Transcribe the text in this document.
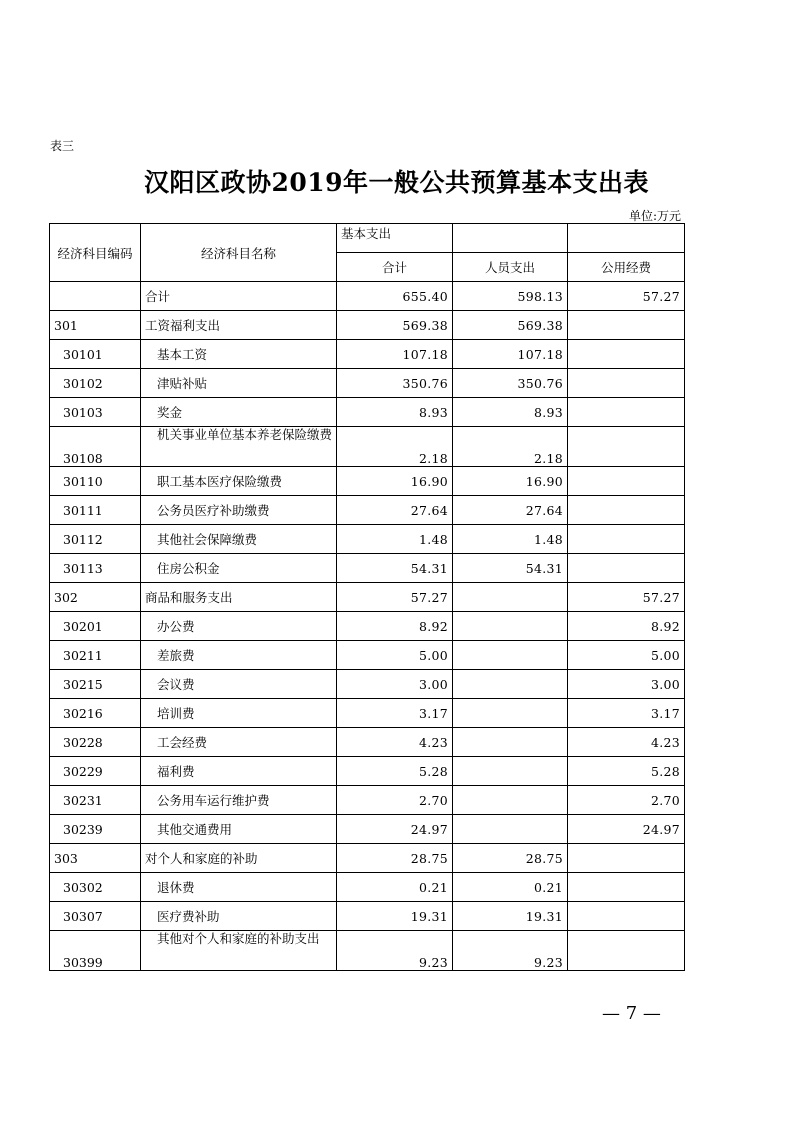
表三
汉阳区政协2019年一般公共预算基本支出表
单位:万元
经济科目编码	经济科目名称	基本支出		
		合计	人员支出	公用经费
	合计	655.40	598.13	57.27
301	工资福利支出	569.38	569.38	
30101	基本工资	107.18	107.18	
30102	津贴补贴	350.76	350.76	
30103	奖金	8.93	8.93	
30108	机关事业单位基本养老保险缴费	2.18	2.18	
30110	职工基本医疗保险缴费	16.90	16.90	
30111	公务员医疗补助缴费	27.64	27.64	
30112	其他社会保障缴费	1.48	1.48	
30113	住房公积金	54.31	54.31	
302	商品和服务支出	57.27		57.27
30201	办公费	8.92		8.92
30211	差旅费	5.00		5.00
30215	会议费	3.00		3.00
30216	培训费	3.17		3.17
30228	工会经费	4.23		4.23
30229	福利费	5.28		5.28
30231	公务用车运行维护费	2.70		2.70
30239	其他交通费用	24.97		24.97
303	对个人和家庭的补助	28.75	28.75	
30302	退休费	0.21	0.21	
30307	医疗费补助	19.31	19.31	
30399	其他对个人和家庭的补助支出	9.23	9.23	
— 7 —
